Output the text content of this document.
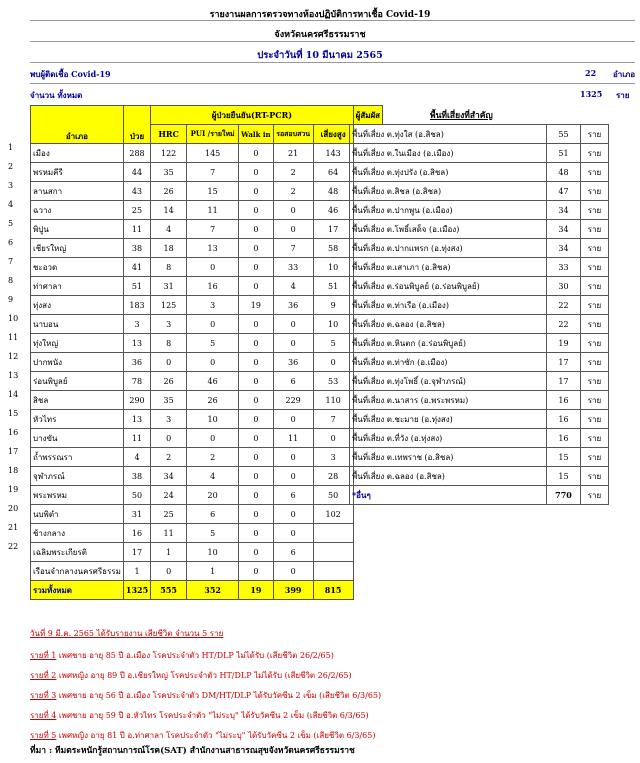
รายงานผลการตรวจทางห้องปฏิบัติการหาเชื้อ Covid-19
จังหวัดนครศรีธรรมราช
ประจำวันที่ 10 มีนาคม 2565
พบผู้ติดเชื้อ Covid-19	22 อำเภอ
จำนวน ทั้งหมด	1325 ราย
พื้นที่เสี่ยงที่สำคัญ
อำเภอ	ป่วย	ผู้ป่วยยืนยัน(RT-PCR)					ผู้สัมผัส
		HRC	PUI /รายใหม่	Walk in	รอสอบสวน	เสี่ยงสูง	
เมือง	288	122	145	0	21	143	
พรหมคีรี	44	35	7	0	2	64	
ลานสกา	43	26	15	0	2	48	
ฉวาง	25	14	11	0	0	46	
พิปูน	11	4	7	0	0	17	
เชียรใหญ่	38	18	13	0	7	58	
ชะอวด	41	8	0	0	33	10	
ท่าศาลา	51	31	16	0	4	51	
ทุ่งสง	183	125	3	19	36	9	
นาบอน	3	3	0	0	0	10	
ทุ่งใหญ่	13	8	5	0	0	5	
ปากพนัง	36	0	0	0	36	0	
ร่อนพิบูลย์	78	26	46	0	6	53	
สิชล	290	35	26	0	229	110	
หัวไทร	13	3	10	0	0	7	
บางขัน	11	0	0	0	11	0	
ถ้ำพรรณรา	4	2	2	0	0	3	
จุฬาภรณ์	38	34	4	0	0	28	
พระพรหม	50	24	20	0	6	50	
นบพิตำ	31	25	6	0	0	102	
ช้างกลาง	16	11	5	0	0		
เฉลิมพระเกียรติ	17	1	10	0	6		
เรือนจำกลางนครศรีธรรม	1	0	1	0	0		
รวมทั้งหมด	1325	555	352	19	399	815	
1
2
3
4
5
6
7
8
9
10
11
12
13
14
15
16
17
18
19
20
21
22
พื้นที่เสี่ยง ต.ทุ่งใส (อ.สิชล)	55	ราย
พื้นที่เสี่ยง ต.ในเมือง (อ.เมือง)	51	ราย
พื้นที่เสี่ยง ต.ทุ่งปรัง (อ.สิชล)	48	ราย
พื้นที่เสี่ยง ต.สิชล (อ.สิชล)	47	ราย
พื้นที่เสี่ยง ต.ปากพูน (อ.เมือง)	34	ราย
พื้นที่เสี่ยง ต.โพธิ์เสด็จ (อ.เมือง)	34	ราย
พื้นที่เสี่ยง ต.ปากแพรก (อ.ทุ่งสง)	34	ราย
พื้นที่เสี่ยง ต.เสาเภา (อ.สิชล)	33	ราย
พื้นที่เสี่ยง ต.ร่อนพิบูลย์ (อ.ร่อนพิบูลย์)	30	ราย
พื้นที่เสี่ยง ต.ท่าเรือ (อ.เมือง)	22	ราย
พื้นที่เสี่ยง ต.ฉลอง (อ.สิชล)	22	ราย
พื้นที่เสี่ยง ต.หินตก (อ.ร่อนพิบูลย์)	19	ราย
พื้นที่เสี่ยง ต.ท่าซัก (อ.เมือง)	17	ราย
พื้นที่เสี่ยง ต.ทุ่งโพธิ์ (อ.จุฬาภรณ์)	17	ราย
พื้นที่เสี่ยง ต.นาสาร (อ.พระพรหม)	16	ราย
พื้นที่เสี่ยง ต.ชะมาย (อ.ทุ่งสง)	16	ราย
พื้นที่เสี่ยง ต.ที่วัง (อ.ทุ่งสง)	16	ราย
พื้นที่เสี่ยง ต.เทพราช (อ.สิชล)	15	ราย
พื้นที่เสี่ยง ต.ฉลอง (อ.สิชล)	15	ราย
*อื่นๆ	770	ราย
วันที่ 9 มี.ค. 2565 ได้รับรายงาน เสียชีวิต จำนวน 5 ราย
รายที่ 1 เพศชาย อายุ 85 ปี อ.เมือง โรคประจำตัว HT/DLP ไม่ได้รับ (เสียชีวิต 26/2/65)
รายที่ 2 เพศหญิง อายุ 89 ปี อ.เชียรใหญ่ โรคประจำตัว HT/DLP ไม่ได้รับ (เสียชีวิต 26/2/65)
รายที่ 3 เพศชาย อายุ 56 ปี อ.เมือง โรคประจำตัว DM/HT/DLP ได้รับวัคซีน 2 เข็ม (เสียชีวิต 6/3/65)
รายที่ 4 เพศชาย อายุ 59 ปี อ.หัวไทร โรคประจำตัว "ไม่ระบุ" ได้รับวัคซีน 2 เข็ม (เสียชีวิต 6/3/65)
รายที่ 5 เพศหญิง อายุ 81 ปี อ.ท่าศาลา โรคประจำตัว "ไม่ระบุ" ได้รับวัคซีน 2 เข็ม (เสียชีวิต 6/3/65)
ที่มา : ทีมตระหนักรู้สถานการณ์โรค(SAT) สำนักงานสาธารณสุขจังหวัดนครศรีธรรมราช
